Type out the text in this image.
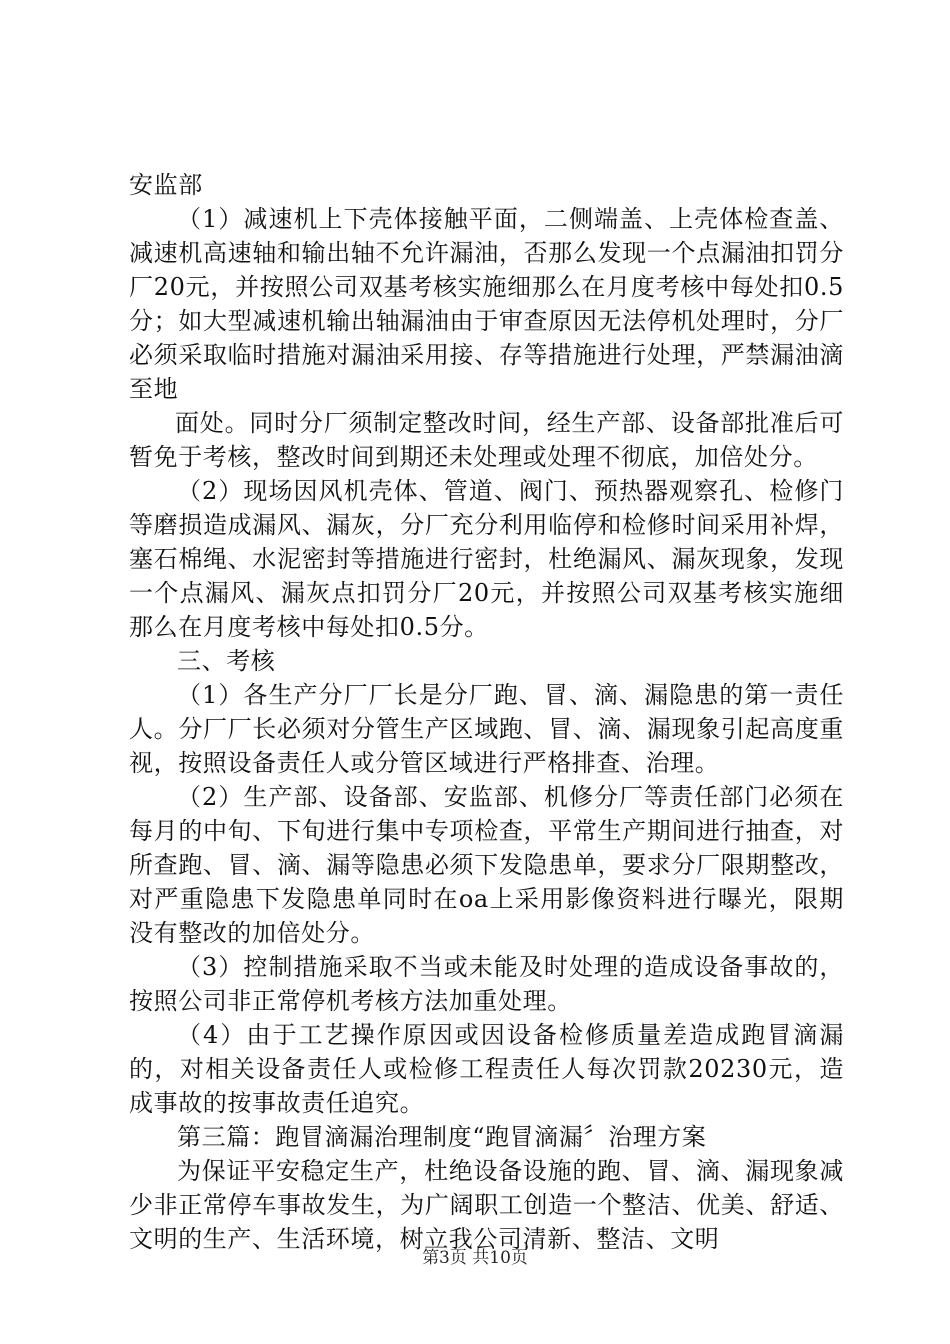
安监部

（1）减速机上下壳体接触平面，二侧端盖、上壳体检查盖、减速机高速轴和输出轴不允许漏油，否那么发现一个点漏油扣罚分厂20元，并按照公司双基考核实施细那么在月度考核中每处扣0.5分；如大型减速机输出轴漏油由于审查原因无法停机处理时，分厂必须采取临时措施对漏油采用接、存等措施进行处理，严禁漏油滴至地

面处。同时分厂须制定整改时间，经生产部、设备部批准后可暂免于考核，整改时间到期还未处理或处理不彻底，加倍处分。

（2）现场因风机壳体、管道、阀门、预热器观察孔、检修门等磨损造成漏风、漏灰，分厂充分利用临停和检修时间采用补焊，塞石棉绳、水泥密封等措施进行密封，杜绝漏风、漏灰现象，发现一个点漏风、漏灰点扣罚分厂20元，并按照公司双基考核实施细那么在月度考核中每处扣0.5分。

三、考核

（1）各生产分厂厂长是分厂跑、冒、滴、漏隐患的第一责任人。分厂厂长必须对分管生产区域跑、冒、滴、漏现象引起高度重视，按照设备责任人或分管区域进行严格排查、治理。

（2）生产部、设备部、安监部、机修分厂等责任部门必须在每月的中旬、下旬进行集中专项检查，平常生产期间进行抽查，对所查跑、冒、滴、漏等隐患必须下发隐患单，要求分厂限期整改，对严重隐患下发隐患单同时在oa上采用影像资料进行曝光，限期没有整改的加倍处分。

（3）控制措施采取不当或未能及时处理的造成设备事故的，按照公司非正常停机考核方法加重处理。

（4）由于工艺操作原因或因设备检修质量差造成跑冒滴漏的，对相关设备责任人或检修工程责任人每次罚款20230元，造成事故的按事故责任追究。

第三篇：跑冒滴漏治理制度“跑冒滴漏〞治理方案

为保证平安稳定生产，杜绝设备设施的跑、冒、滴、漏现象减少非正常停车事故发生，为广阔职工创造一个整洁、优美、舒适、文明的生产、生活环境，树立我公司清新、整洁、文明

第3页 共10页
